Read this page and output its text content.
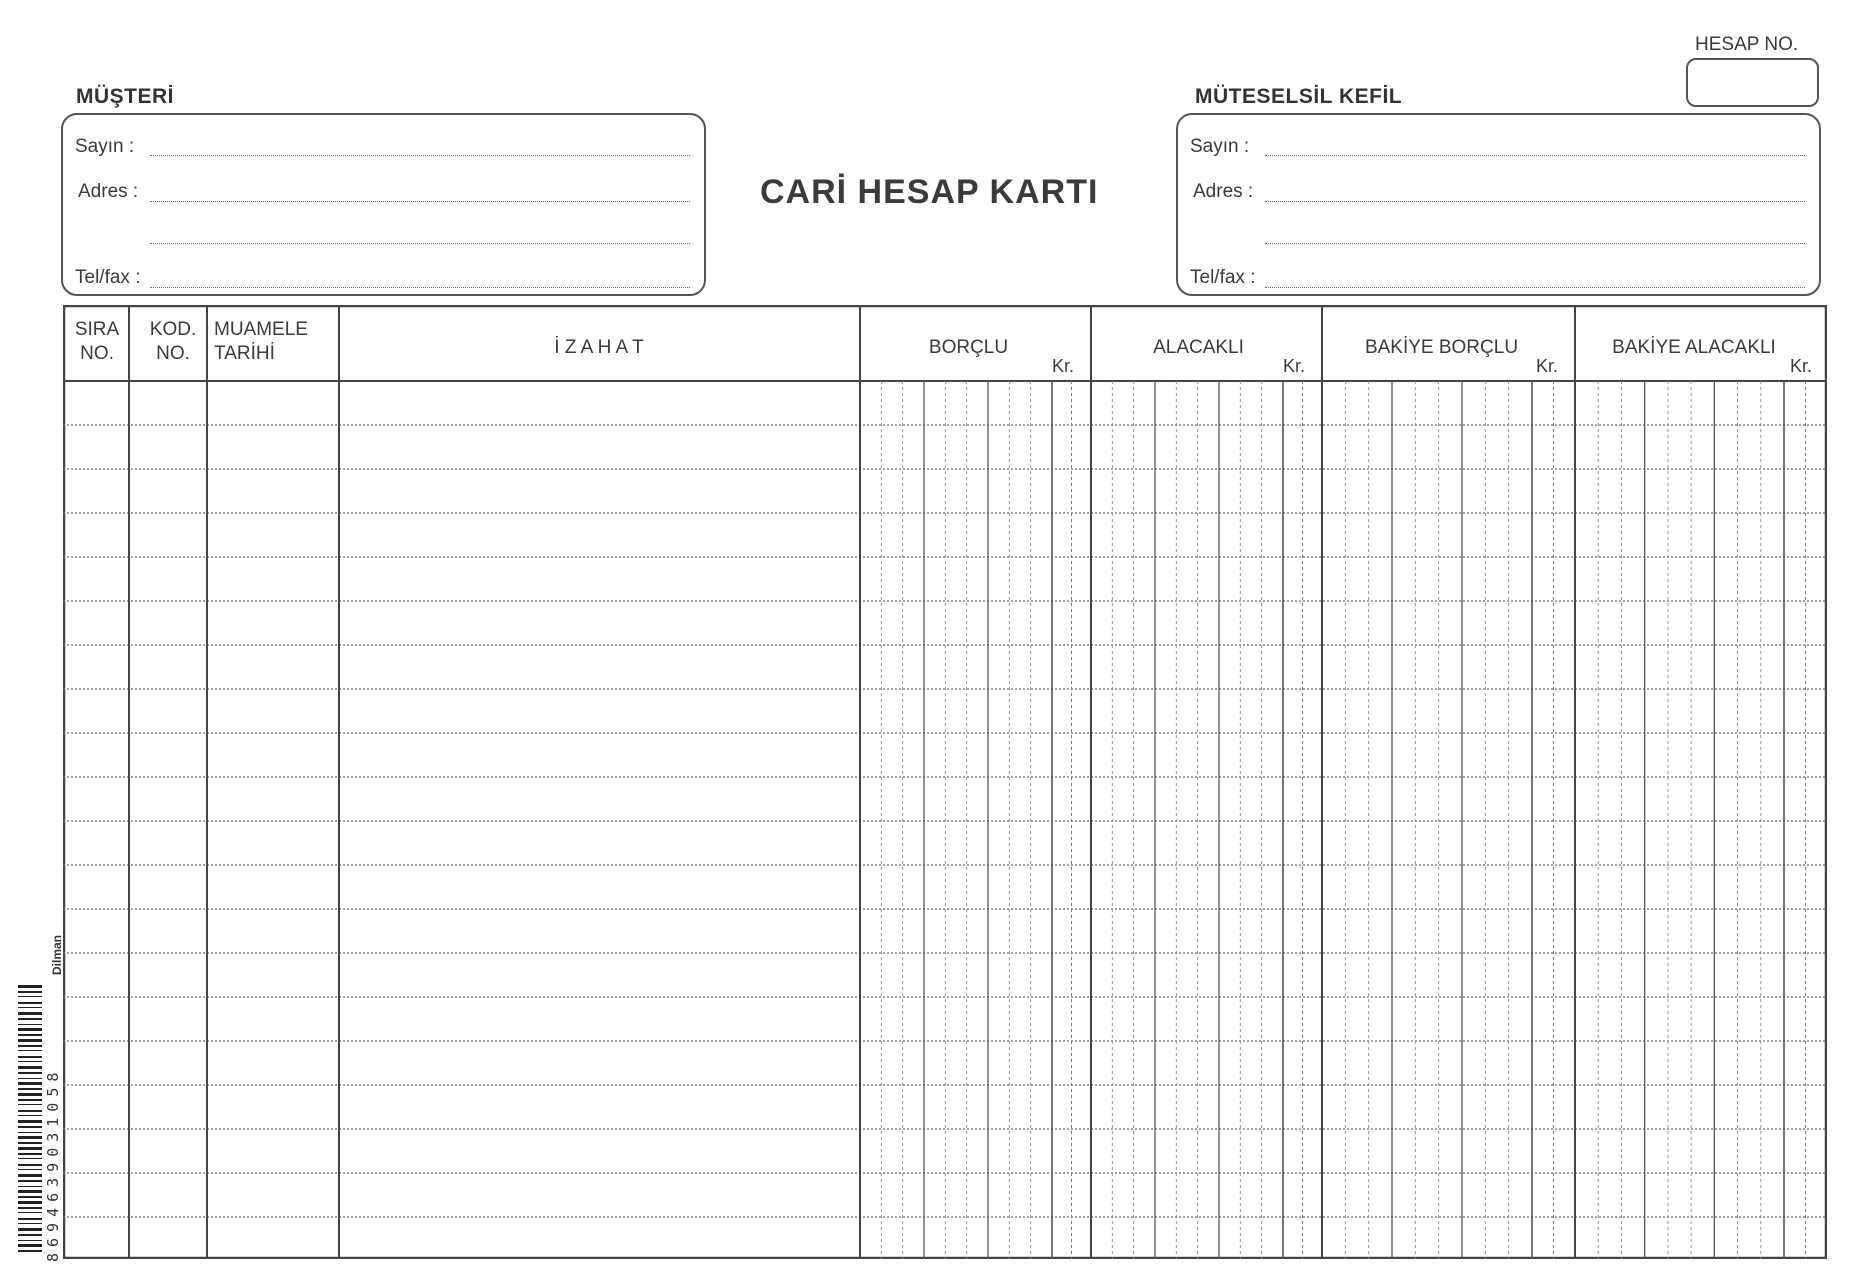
HESAP NO.
MÜŞTERİ
Sayın :
Adres :
Tel/fax :
CARİ HESAP KARTI
MÜTESELSİL KEFİL
Sayın :
Adres :
Tel/fax :
SIRA
NO.
KOD.
NO.
MUAMELE
TARİHİ	İ Z A H A T	BORÇLU
Kr.
ALACAKLI
Kr.
BAKİYE BORÇLU
Kr.
BAKİYE ALACAKLI
Kr.
Dilman
8694639031058
